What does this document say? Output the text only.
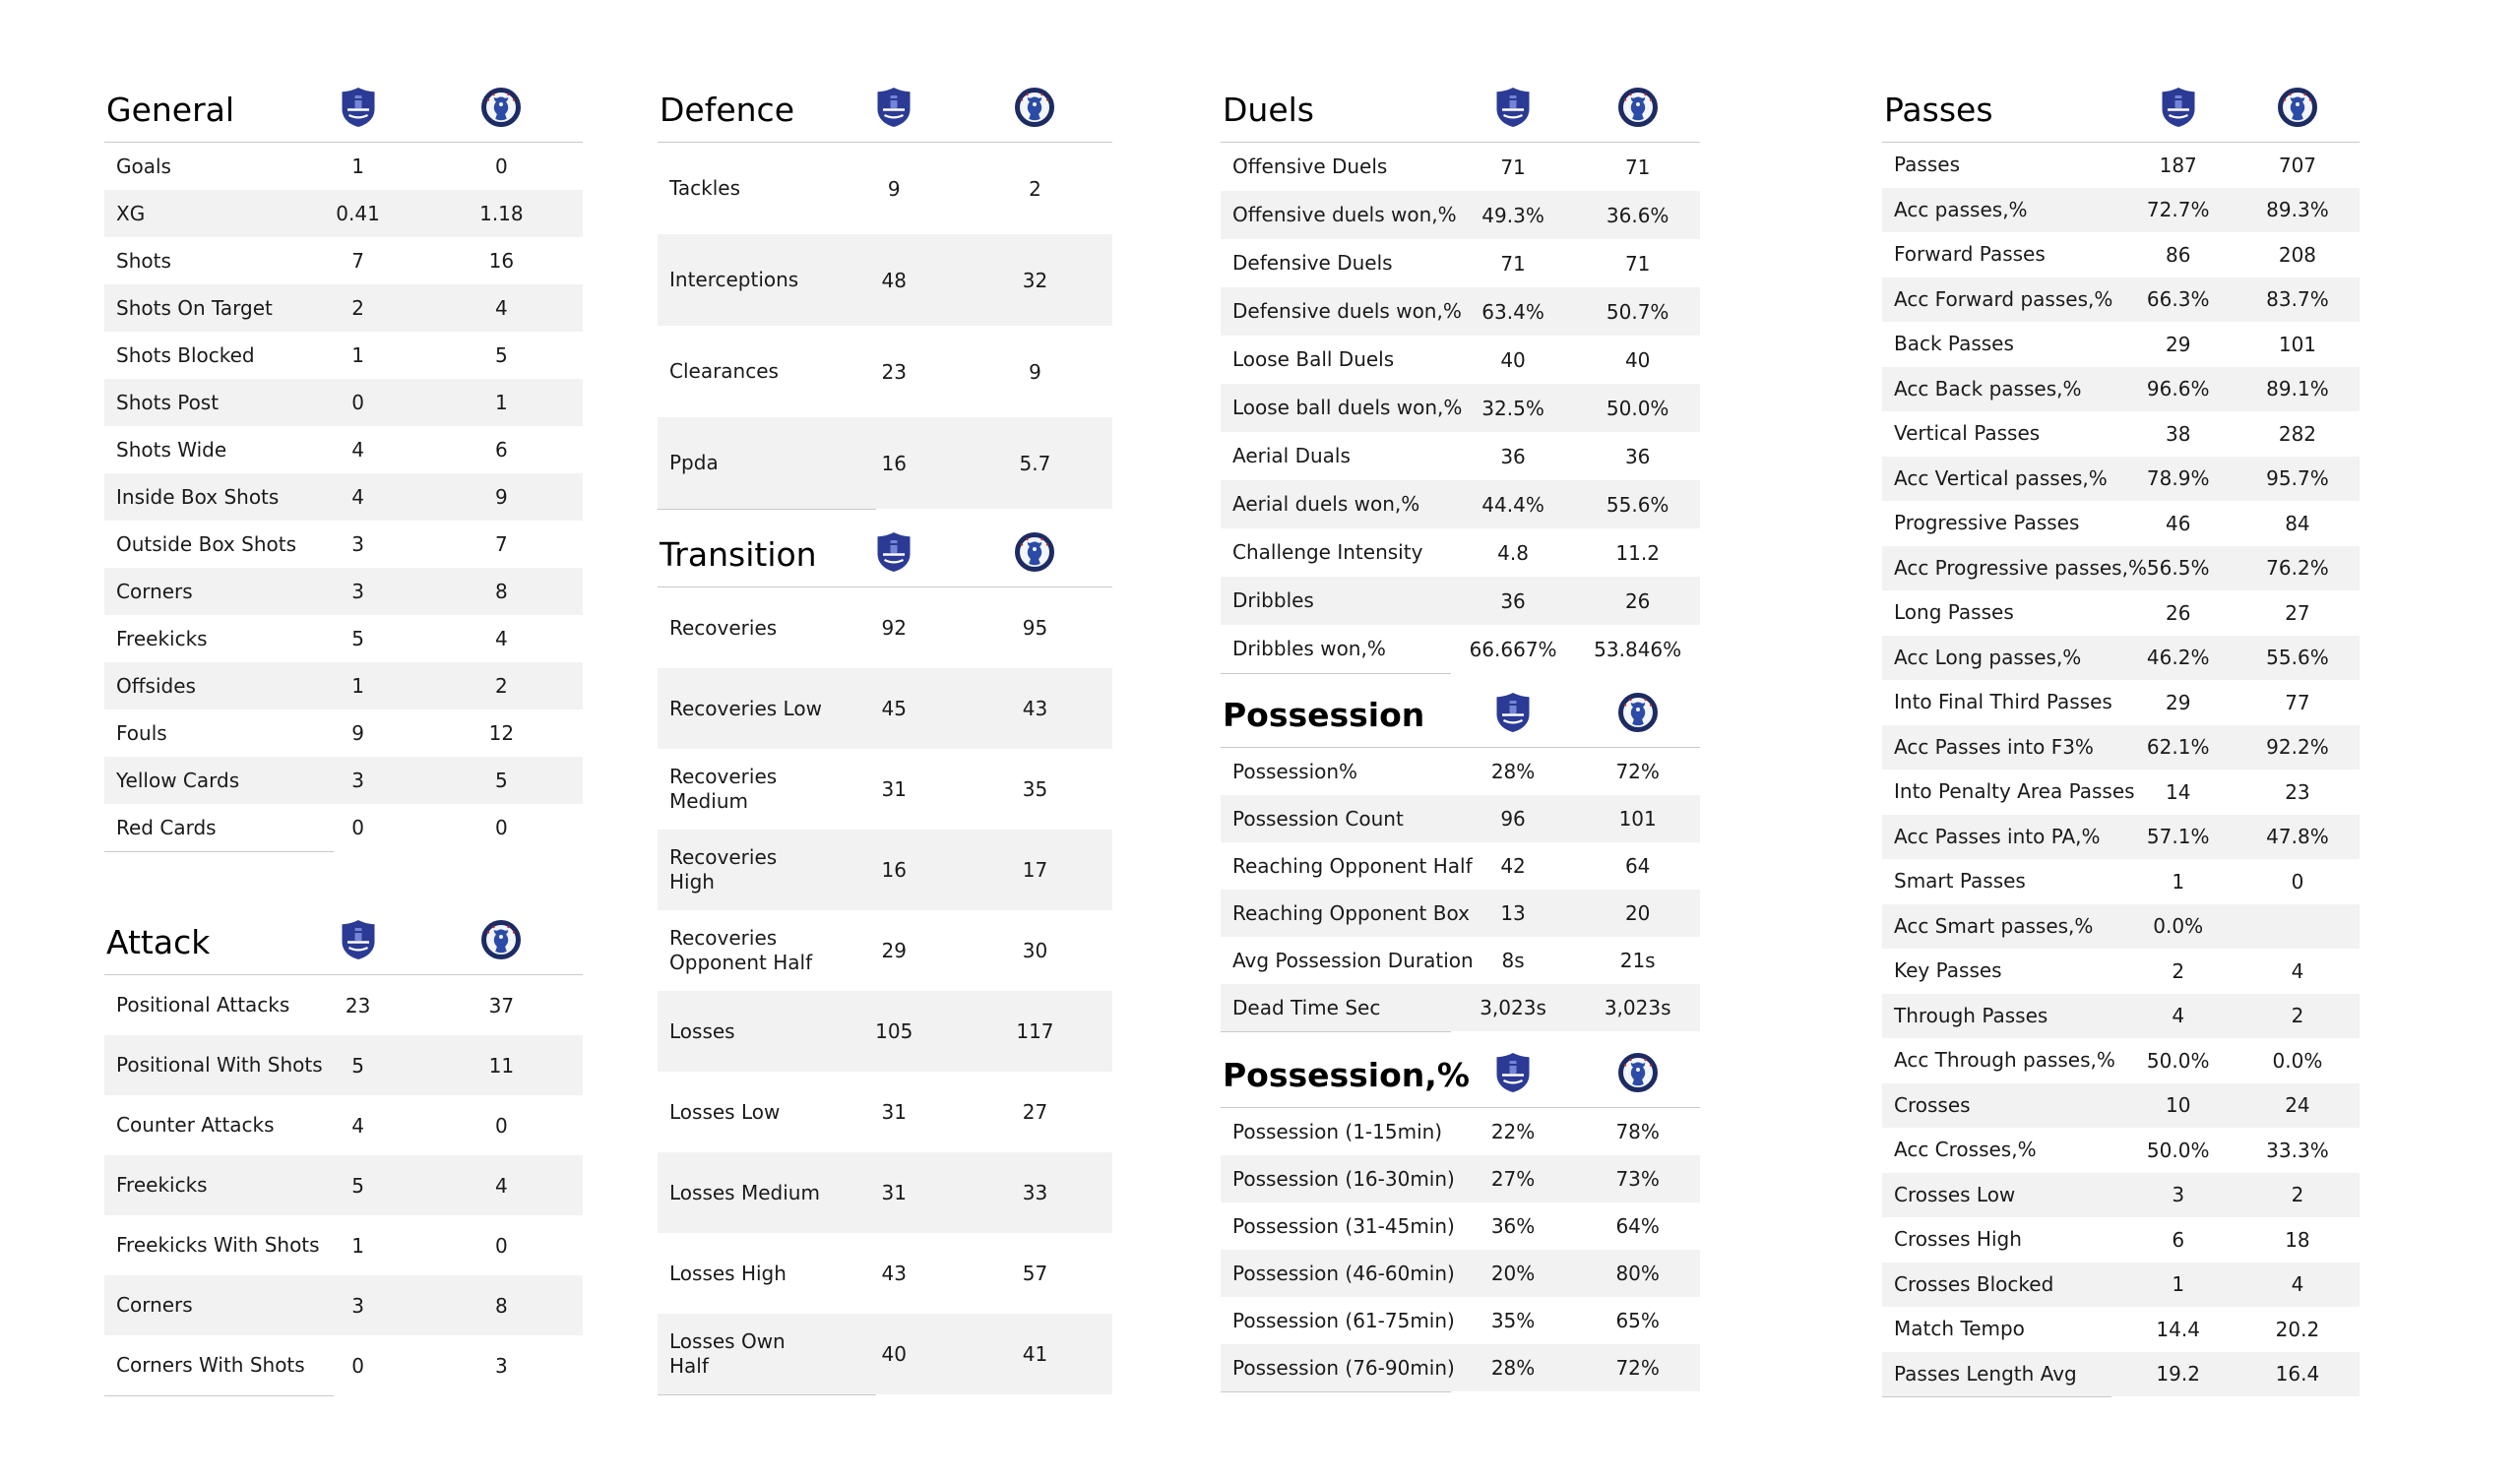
General
Goals	1	0
XG	0.41	1.18
Shots	7	16
Shots On Target	2	4
Shots Blocked	1	5
Shots Post	0	1
Shots Wide	4	6
Inside Box Shots	4	9
Outside Box Shots	3	7
Corners	3	8
Freekicks	5	4
Offsides	1	2
Fouls	9	12
Yellow Cards	3	5
Red Cards	0	0
Attack
Positional Attacks	23	37
Positional With Shots	5	11
Counter Attacks	4	0
Freekicks	5	4
Freekicks With Shots	1	0
Corners	3	8
Corners With Shots	0	3
Defence
Tackles	9	2
Interceptions	48	32
Clearances	23	9
Ppda	16	5.7
Transition
Recoveries	92	95
Recoveries Low	45	43
Recoveries Medium	31	35
Recoveries High	16	17
Recoveries Opponent Half	29	30
Losses	105	117
Losses Low	31	27
Losses Medium	31	33
Losses High	43	57
Losses Own Half	40	41
Duels
Offensive Duels	71	71
Offensive duels won,%	49.3%	36.6%
Defensive Duels	71	71
Defensive duels won,%	63.4%	50.7%
Loose Ball Duels	40	40
Loose ball duels won,% 32.5%	50.0%
Aerial Duals	36	36
Aerial duels won,%	44.4%	55.6%
Challenge Intensity	4.8	11.2
Dribbles	36	26
Dribbles won,%	66.667%	53.846%
Possession
Possession%	28%	72%
Possession Count	96	101
Reaching Opponent Half	42	64
Reaching Opponent Box	13	20
Avg Possession Duration	8s	21s
Dead Time Sec	3,023s	3,023s
Possession,%
Possession (1-15min)	22%	78%
Possession (16-30min)	27%	73%
Possession (31-45min)	36%	64%
Possession (46-60min)	20%	80%
Possession (61-75min)	35%	65%
Possession (76-90min)	28%	72%
Passes
Passes	187	707
Acc passes,%	72.7%	89.3%
Forward Passes	86	208
Acc Forward passes,%	66.3%	83.7%
Back Passes	29	101
Acc Back passes,%	96.6%	89.1%
Vertical Passes	38	282
Acc Vertical passes,%	78.9%	95.7%
Progressive Passes	46	84
Acc Progressive passes,% 56.5%	76.2%
Long Passes	26	27
Acc Long passes,%	46.2%	55.6%
Into Final Third Passes	29	77
Acc Passes into F3%	62.1%	92.2%
Into Penalty Area Passes	14	23
Acc Passes into PA,%	57.1%	47.8%
Smart Passes	1	0
Acc Smart passes,%	0.0%
Key Passes	2	4
Through Passes	4	2
Acc Through passes,%	50.0%	0.0%
Crosses	10	24
Acc Crosses,%	50.0%	33.3%
Crosses Low	3	2
Crosses High	6	18
Crosses Blocked	1	4
Match Tempo	14.4	20.2
Passes Length Avg	19.2	16.4
